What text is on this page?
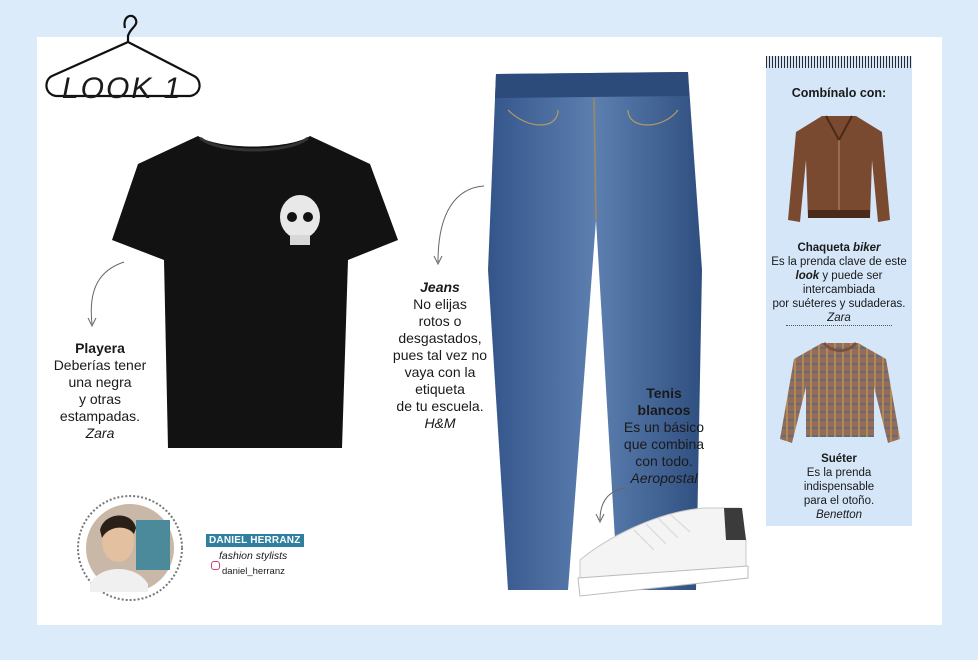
LOOK 1
Playera
Deberías tener
una negra
y otras
estampadas.
Zara
Jeans
No elijas
rotos o
desgastados,
pues tal vez no
vaya con la
etiqueta
de tu escuela.
H&M
Tenis
blancos
Es un básico
que combina
con todo.
Aeropostal
Combínalo con:
Chaqueta biker
Es la prenda clave de este
look y puede ser
intercambiada
por suéteres y sudaderas.
Zara
Suéter
Es la prenda
indispensable
para el otoño.
Benetton
DANIEL HERRANZ
fashion stylists
daniel_herranz
